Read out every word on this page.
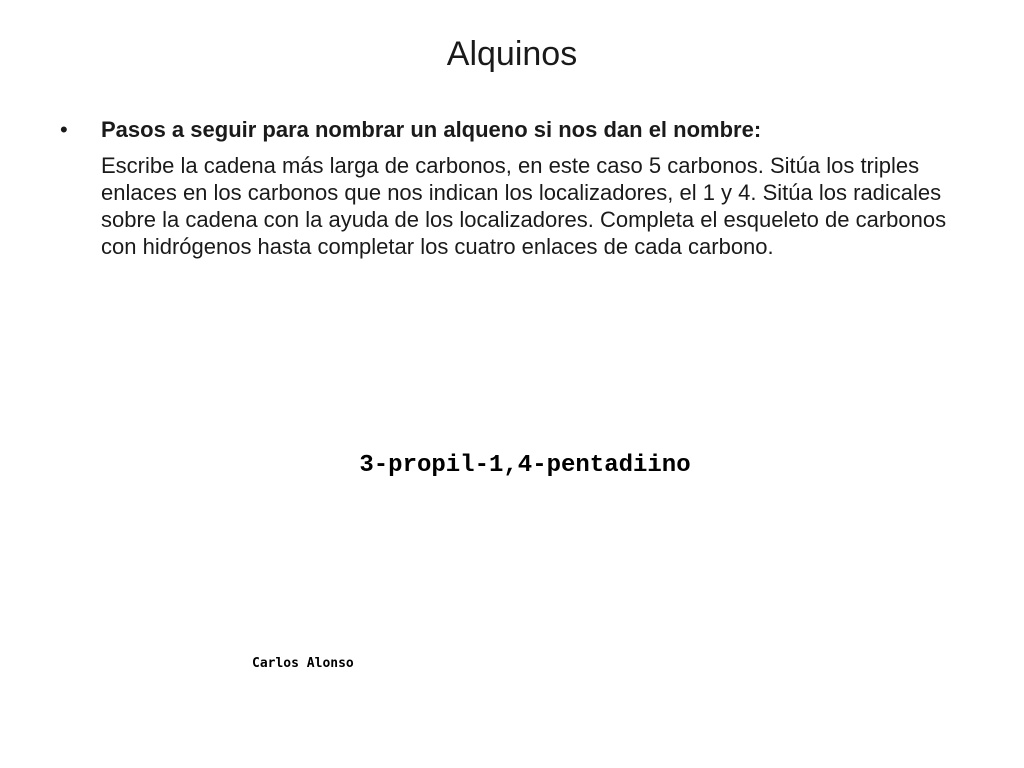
Alquinos
• Pasos a seguir para nombrar un alqueno si nos dan el nombre:
Escribe la cadena más larga de carbonos, en este caso 5 carbonos. Sitúa los triples enlaces en los carbonos que nos indican los localizadores, el 1 y 4. Sitúa los radicales sobre la cadena con la ayuda de los localizadores. Completa el esqueleto de carbonos con hidrógenos hasta completar los cuatro enlaces de cada carbono.
3-propil-1,4-pentadiino
Carlos Alonso
